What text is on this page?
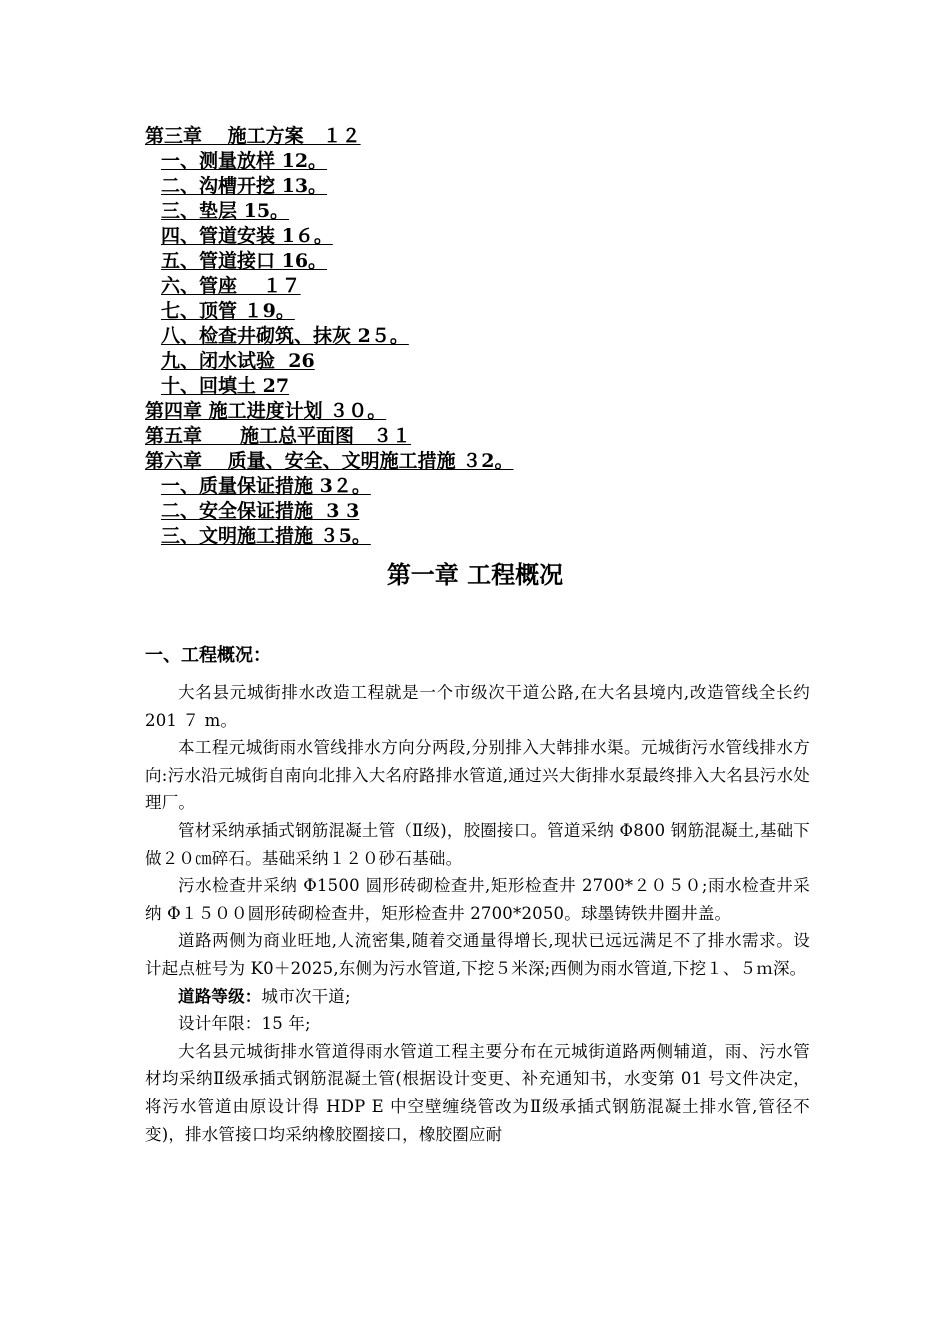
第三章　 施工方案　１２
一、测量放样 12。
二、沟槽开挖 13。
三、垫层 15。
四、管道安装 1６。
五、管道接口 16。
六、管座　 １７
七、顶管 １9。
八、检查井砌筑、抹灰 2５。
九、闭水试验  26
十、回填土 27
第四章 施工进度计划 ３０。
第五章　　施工总平面图　３１
第六章　 质量、安全、文明施工措施 ３2。
一、质量保证措施 3２。
二、安全保证措施  3 3
三、文明施工措施 ３5。
第一章 工程概况
一、工程概况：

大名县元城街排水改造工程就是一个市级次干道公路,在大名县境内,改造管线全长约 201 ７ m。

本工程元城街雨水管线排水方向分两段,分别排入大韩排水渠。元城街污水管线排水方向:污水沿元城街自南向北排入大名府路排水管道,通过兴大街排水泵最终排入大名县污水处理厂。

管材采纳承插式钢筋混凝土管（Ⅱ级)，胶圈接口。管道采纳 Φ800 钢筋混凝土,基础下做２０㎝碎石。基础采纳１２０砂石基础。

污水检查井采纳 Φ1500 圆形砖砌检查井,矩形检查井 2700*２０５０;雨水检查井采纳 Φ１５００圆形砖砌检查井，矩形检查井 2700*2050。球墨铸铁井圈井盖。

道路两侧为商业旺地,人流密集,随着交通量得增长,现状已远远满足不了排水需求。设计起点桩号为 K0＋2025,东侧为污水管道,下挖５米深;西侧为雨水管道,下挖１、５ｍ深。

道路等级：城市次干道;

设计年限：15 年;

大名县元城街排水管道得雨水管道工程主要分布在元城街道路两侧辅道，雨、污水管材均采纳Ⅱ级承插式钢筋混凝土管(根据设计变更、补充通知书，水变第 01 号文件决定，将污水管道由原设计得 HDP E 中空壁缠绕管改为Ⅱ级承插式钢筋混凝土排水管,管径不变)，排水管接口均采纳橡胶圈接口，橡胶圈应耐
